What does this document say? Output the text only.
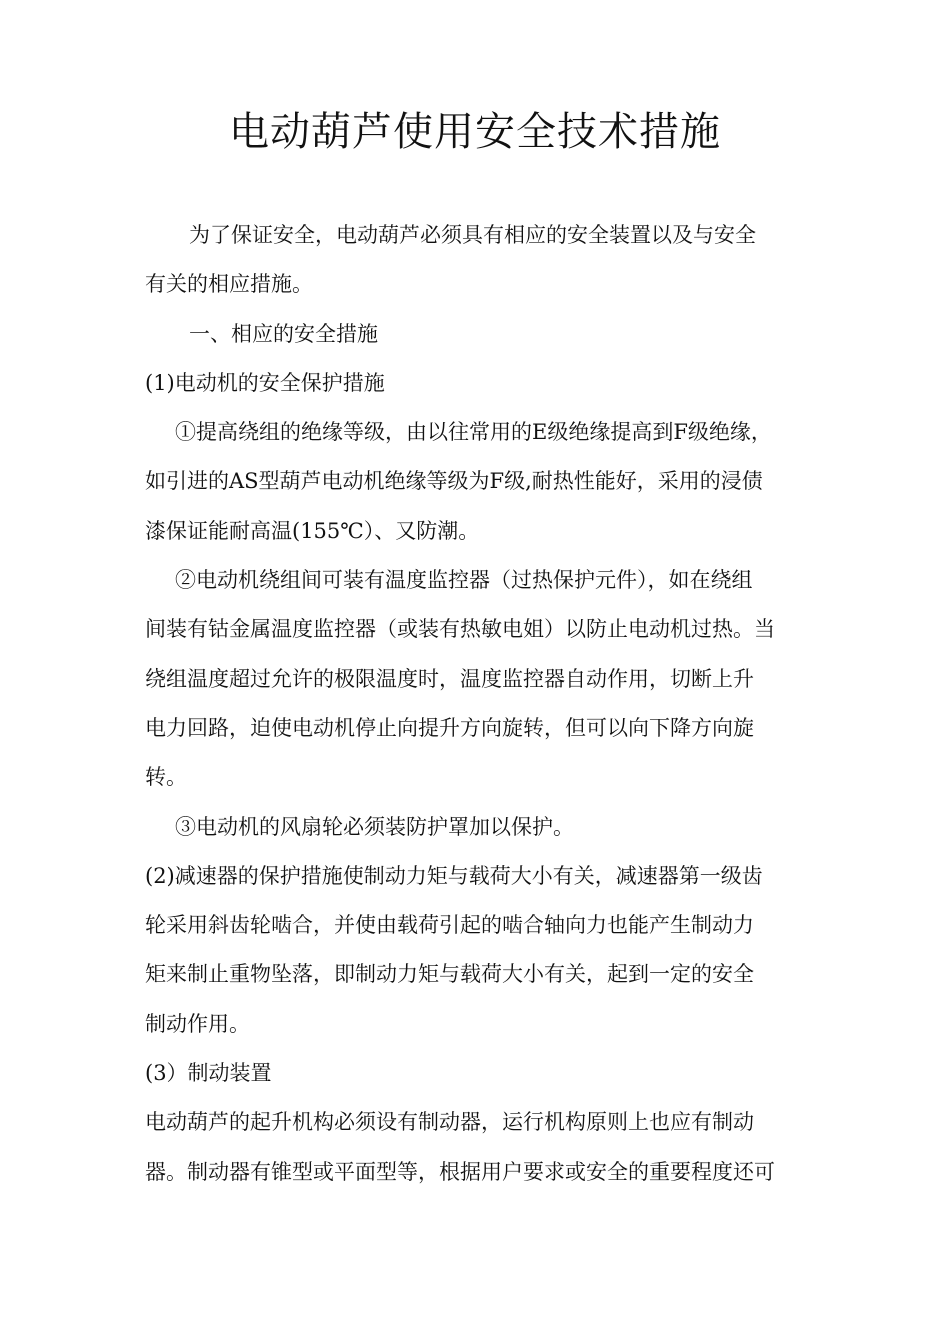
电动葫芦使用安全技术措施
为了保证安全，电动葫芦必须具有相应的安全装置以及与安全
有关的相应措施。
一、相应的安全措施
(1)电动机的安全保护措施
①提高绕组的绝缘等级，由以往常用的E级绝缘提高到F级绝缘，
如引进的AS型葫芦电动机绝缘等级为F级,耐热性能好，采用的浸债
漆保证能耐高温(155℃）、又防潮。
②电动机绕组间可装有温度监控器（过热保护元件），如在绕组
间装有钴金属温度监控器（或装有热敏电姐）以防止电动机过热。当
绕组温度超过允许的极限温度时，温度监控器自动作用，切断上升
电力回路，迫使电动机停止向提升方向旋转，但可以向下降方向旋
转。
③电动机的风扇轮必须装防护罩加以保护。
(2)减速器的保护措施使制动力矩与载荷大小有关，减速器第一级齿
轮采用斜齿轮啮合，并使由载荷引起的啮合轴向力也能产生制动力
矩来制止重物坠落，即制动力矩与载荷大小有关，起到一定的安全
制动作用。
(3）制动装置
电动葫芦的起升机构必须设有制动器，运行机构原则上也应有制动
器。制动器有锥型或平面型等，根据用户要求或安全的重要程度还可
